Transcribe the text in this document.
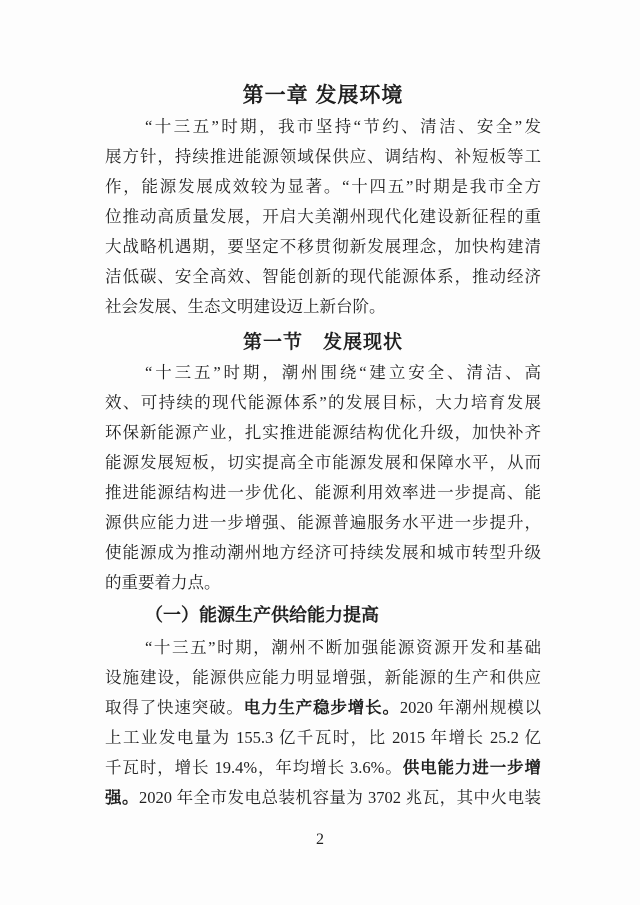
第一章 发展环境
“十三五”时期，我市坚持“节约、清洁、安全”发
展方针，持续推进能源领域保供应、调结构、补短板等工
作，能源发展成效较为显著。“十四五”时期是我市全方
位推动高质量发展，开启大美潮州现代化建设新征程的重
大战略机遇期，要坚定不移贯彻新发展理念，加快构建清
洁低碳、安全高效、智能创新的现代能源体系，推动经济
社会发展、生态文明建设迈上新台阶。
第一节　发展现状
“十三五”时期，潮州围绕“建立安全、清洁、高
效、可持续的现代能源体系”的发展目标，大力培育发展
环保新能源产业，扎实推进能源结构优化升级，加快补齐
能源发展短板，切实提高全市能源发展和保障水平，从而
推进能源结构进一步优化、能源利用效率进一步提高、能
源供应能力进一步增强、能源普遍服务水平进一步提升，
使能源成为推动潮州地方经济可持续发展和城市转型升级
的重要着力点。
（一）能源生产供给能力提高
“十三五”时期，潮州不断加强能源资源开发和基础
设施建设，能源供应能力明显增强，新能源的生产和供应
取得了快速突破。电力生产稳步增长。2020 年潮州规模以
上工业发电量为 155.3 亿千瓦时，比 2015 年增长 25.2 亿
千瓦时，增长 19.4%，年均增长 3.6%。供电能力进一步增
强。2020 年全市发电总装机容量为 3702 兆瓦，其中火电装
2
